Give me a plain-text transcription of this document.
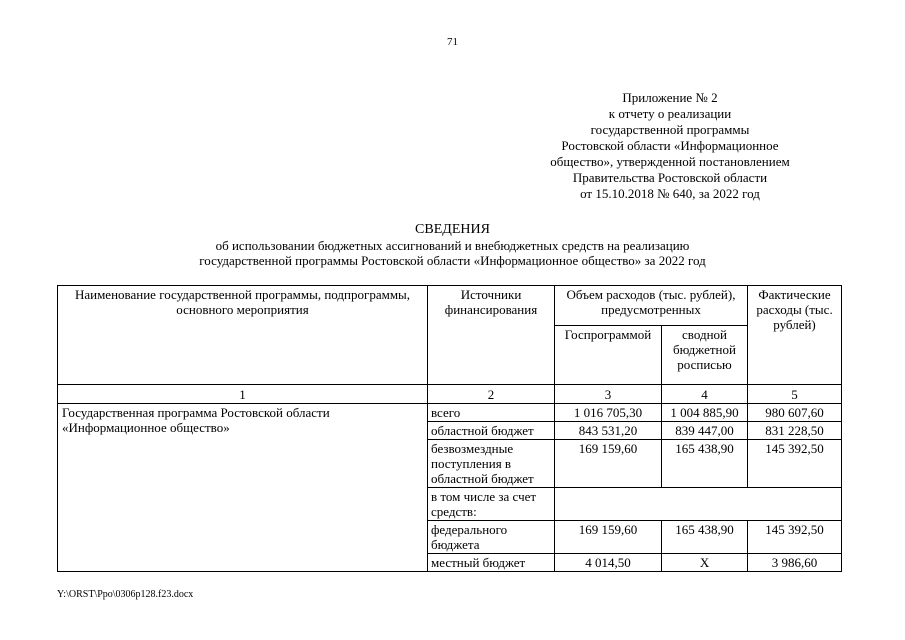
71
Приложение № 2
к отчету о реализации
государственной программы
Ростовской области «Информационное
общество», утвержденной постановлением
Правительства Ростовской области
от 15.10.2018 № 640, за 2022 год
СВЕДЕНИЯ
об использовании бюджетных ассигнований и внебюджетных средств на реализацию
государственной программы Ростовской области «Информационное общество» за 2022 год
Наименование государственной программы, подпрограммы, основного мероприятия	Источники финансирования	Объем расходов (тыс. рублей), предусмотренных		Фактические расходы (тыс. рублей)
		Госпрограммой	сводной бюджетной росписью	
1	2	3	4	5
Государственная программа Ростовской области «Информационное общество»	всего	1 016 705,30	1 004 885,90	980 607,60
	областной бюджет	843 531,20	839 447,00	831 228,50
	безвозмездные поступления в областной бюджет	169 159,60	165 438,90	145 392,50
	в том числе за счет средств:			
	федерального бюджета	169 159,60	165 438,90	145 392,50
	местный бюджет	4 014,50	X	3 986,60
Y:\ORST\Ppo\0306p128.f23.docx
